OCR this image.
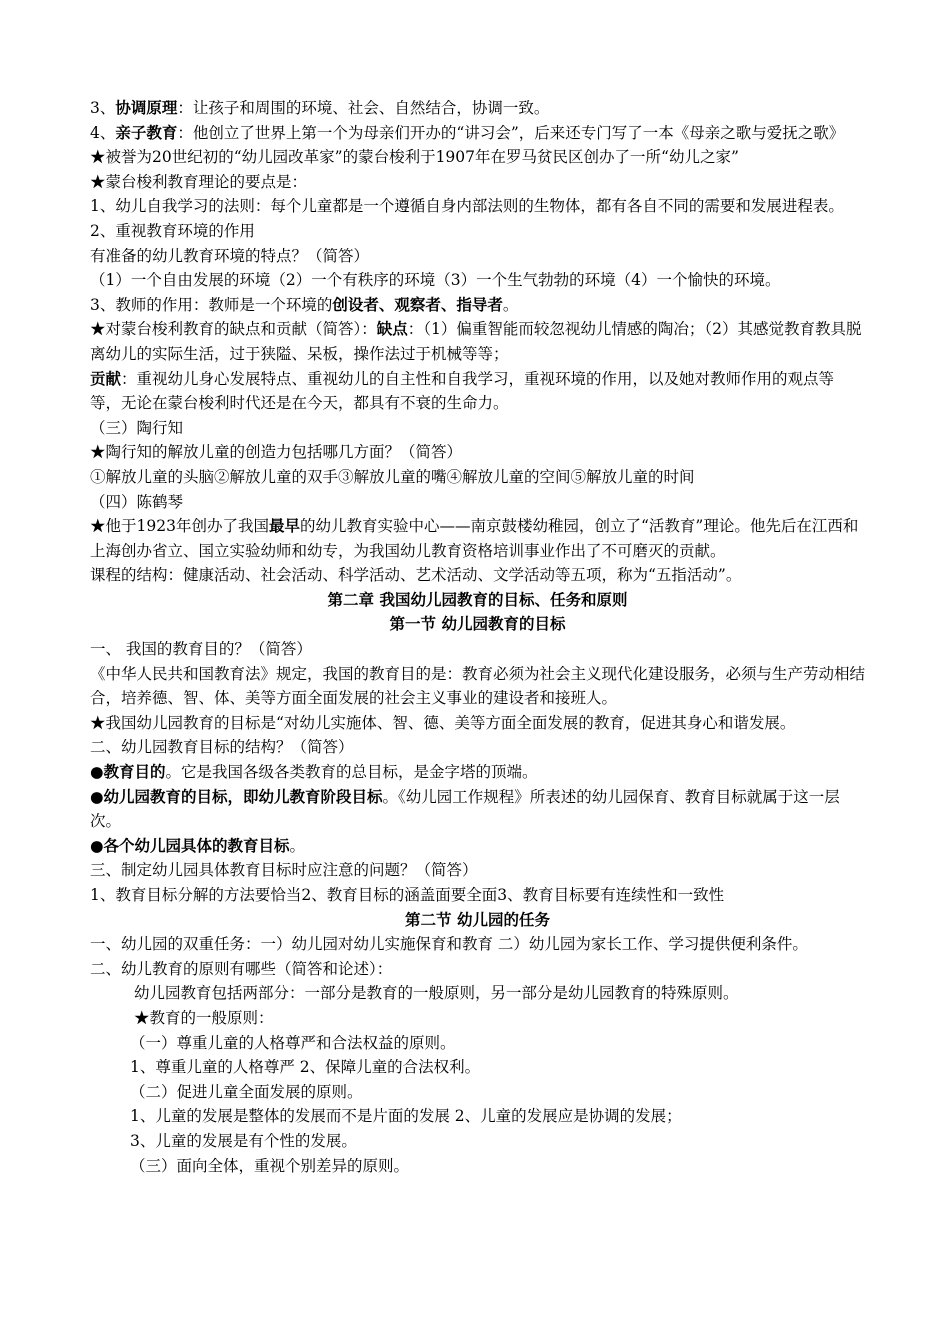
3、协调原理：让孩子和周围的环境、社会、自然结合，协调一致。

4、亲子教育：他创立了世界上第一个为母亲们开办的“讲习会”，后来还专门写了一本《母亲之歌与爱抚之歌》

★被誉为20世纪初的“幼儿园改革家”的蒙台梭利于1907年在罗马贫民区创办了一所“幼儿之家”

★蒙台梭利教育理论的要点是：

1、幼儿自我学习的法则：每个儿童都是一个遵循自身内部法则的生物体，都有各自不同的需要和发展进程表。

2、重视教育环境的作用

有准备的幼儿教育环境的特点？（简答）

（1）一个自由发展的环境（2）一个有秩序的环境（3）一个生气勃勃的环境（4）一个愉快的环境。

3、教师的作用：教师是一个环境的创设者、观察者、指导者。

★对蒙台梭利教育的缺点和贡献（简答）：缺点：（1）偏重智能而较忽视幼儿情感的陶冶；（2）其感觉教育教具脱离幼儿的实际生活，过于狭隘、呆板，操作法过于机械等等；

贡献：重视幼儿身心发展特点、重视幼儿的自主性和自我学习，重视环境的作用，以及她对教师作用的观点等等，无论在蒙台梭利时代还是在今天，都具有不衰的生命力。

（三）陶行知

★陶行知的解放儿童的创造力包括哪几方面？（简答）

①解放儿童的头脑②解放儿童的双手③解放儿童的嘴④解放儿童的空间⑤解放儿童的时间

（四）陈鹤琴

★他于1923年创办了我国最早的幼儿教育实验中心——南京鼓楼幼稚园，创立了“活教育”理论。他先后在江西和上海创办省立、国立实验幼师和幼专，为我国幼儿教育资格培训事业作出了不可磨灭的贡献。

课程的结构：健康活动、社会活动、科学活动、艺术活动、文学活动等五项，称为“五指活动”。

第二章 我国幼儿园教育的目标、任务和原则

第一节 幼儿园教育的目标

一、 我国的教育目的？（简答）

《中华人民共和国教育法》规定，我国的教育目的是：教育必须为社会主义现代化建设服务，必须与生产劳动相结合，培养德、智、体、美等方面全面发展的社会主义事业的建设者和接班人。

★我国幼儿园教育的目标是“对幼儿实施体、智、德、美等方面全面发展的教育，促进其身心和谐发展。

二、幼儿园教育目标的结构？（简答）

●教育目的。它是我国各级各类教育的总目标，是金字塔的顶端。

●幼儿园教育的目标，即幼儿教育阶段目标。《幼儿园工作规程》所表述的幼儿园保育、教育目标就属于这一层次。

●各个幼儿园具体的教育目标。

三、制定幼儿园具体教育目标时应注意的问题？（简答）

1、教育目标分解的方法要恰当2、教育目标的涵盖面要全面3、教育目标要有连续性和一致性

第二节 幼儿园的任务

一、幼儿园的双重任务：一）幼儿园对幼儿实施保育和教育 二）幼儿园为家长工作、学习提供便利条件。

二、幼儿教育的原则有哪些（简答和论述）：

幼儿园教育包括两部分：一部分是教育的一般原则，另一部分是幼儿园教育的特殊原则。

★教育的一般原则：

（一）尊重儿童的人格尊严和合法权益的原则。

1、尊重儿童的人格尊严 2、保障儿童的合法权利。

（二）促进儿童全面发展的原则。

1、儿童的发展是整体的发展而不是片面的发展 2、儿童的发展应是协调的发展；

3、儿童的发展是有个性的发展。

（三）面向全体，重视个别差异的原则。
